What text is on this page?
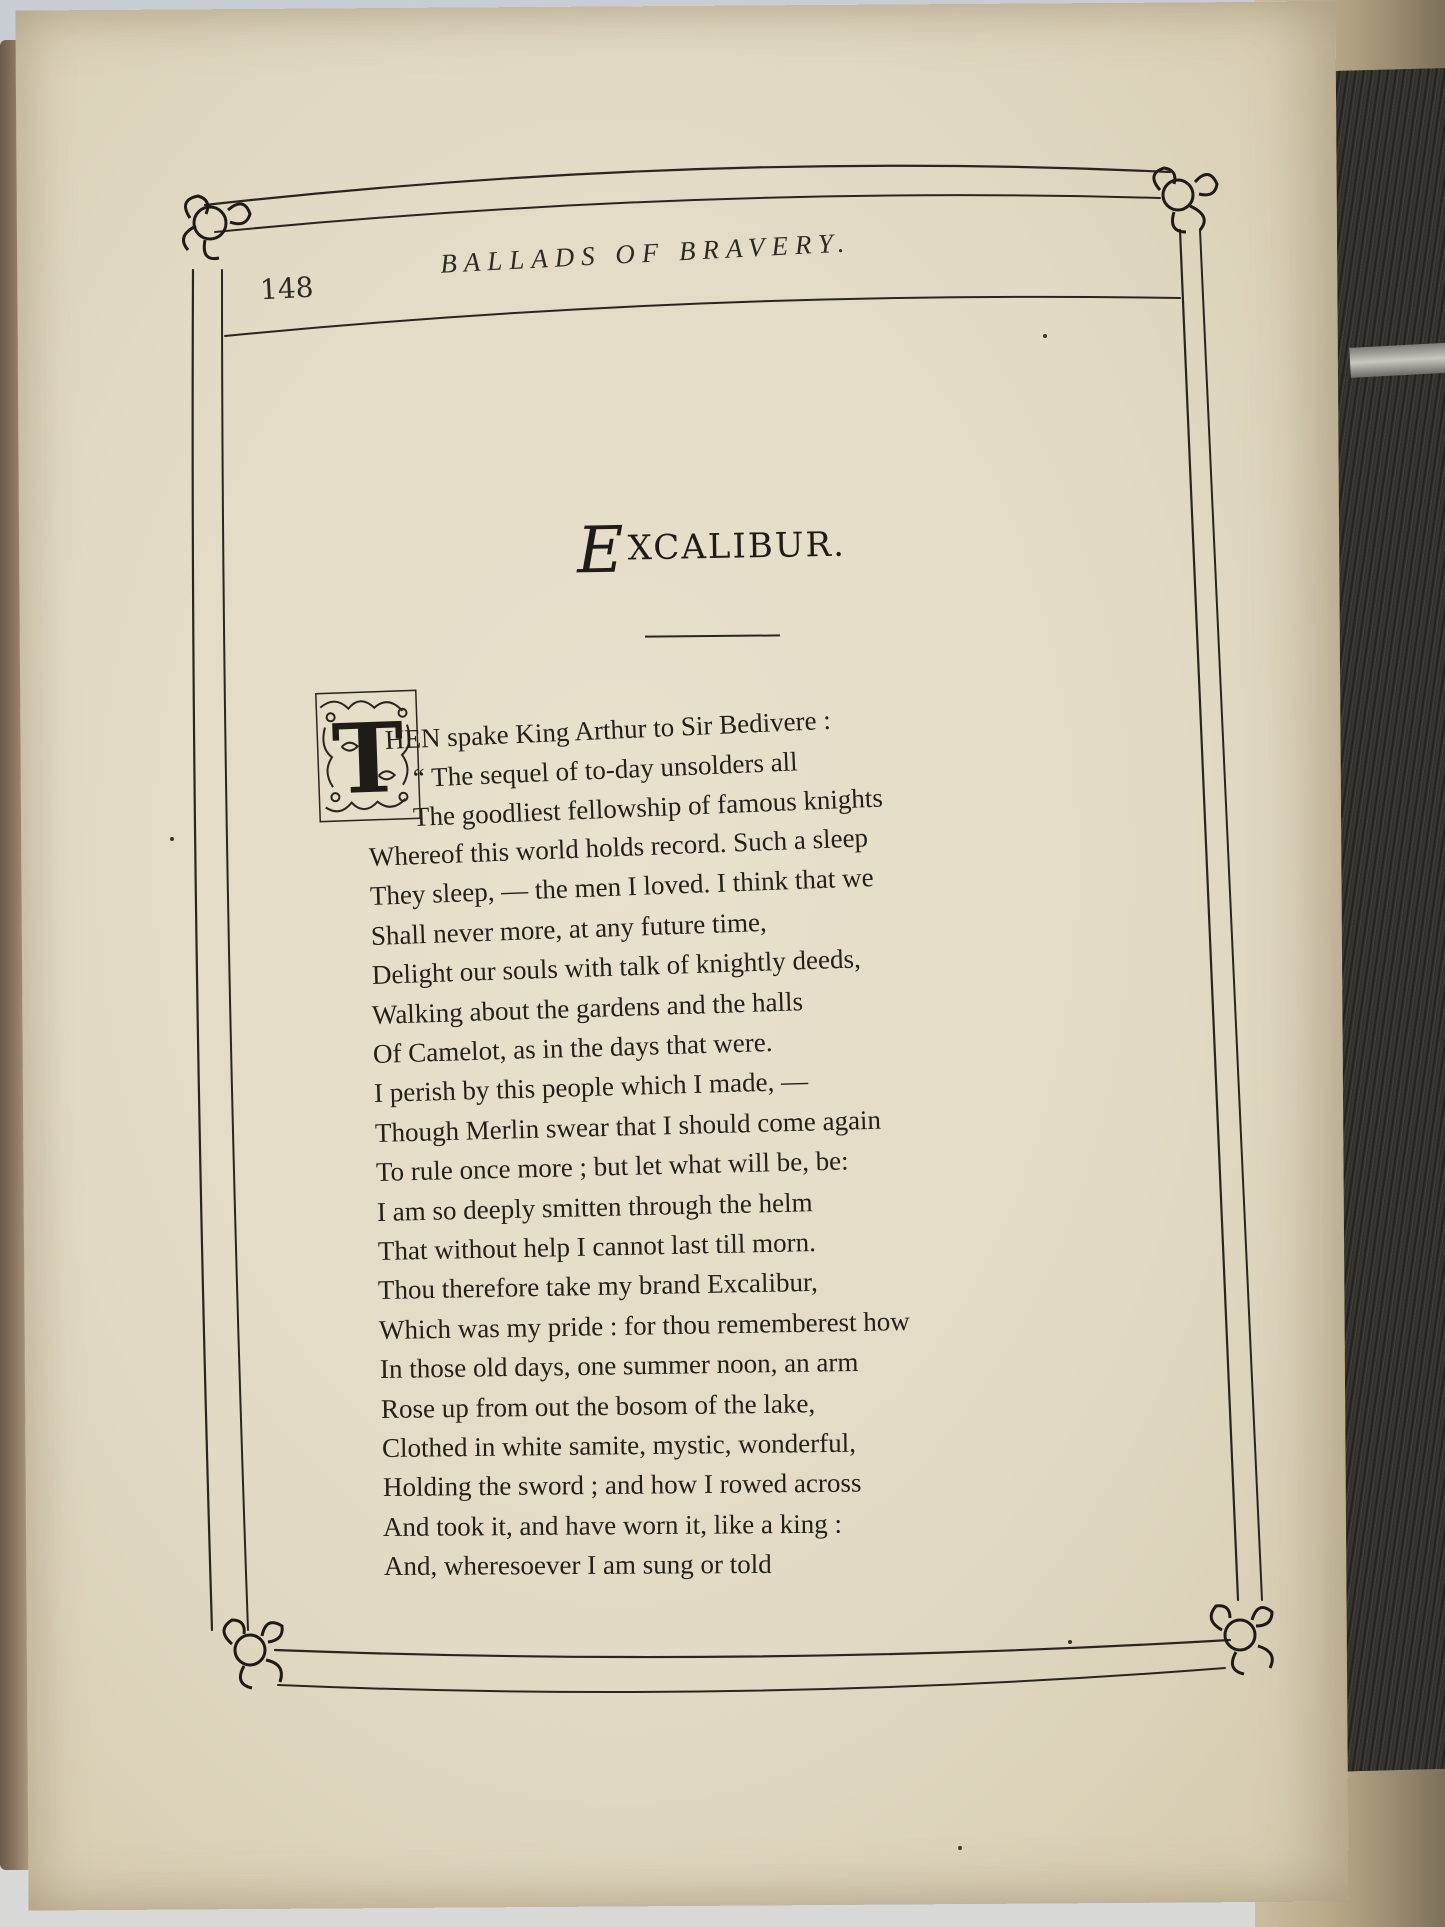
148
BALLADS OF BRAVERY.
EXCALIBUR.
T
HEN spake King Arthur to Sir Bedivere :
“ The sequel of to-day unsolders all
The goodliest fellowship of famous knights
Whereof this world holds record. Such a sleep
They sleep, — the men I loved. I think that we
Shall never more, at any future time,
Delight our souls with talk of knightly deeds,
Walking about the gardens and the halls
Of Camelot, as in the days that were.
I perish by this people which I made, —
Though Merlin swear that I should come again
To rule once more ; but let what will be, be:
I am so deeply smitten through the helm
That without help I cannot last till morn.
Thou therefore take my brand Excalibur,
Which was my pride : for thou rememberest how
In those old days, one summer noon, an arm
Rose up from out the bosom of the lake,
Clothed in white samite, mystic, wonderful,
Holding the sword ; and how I rowed across
And took it, and have worn it, like a king :
And, wheresoever I am sung or told
